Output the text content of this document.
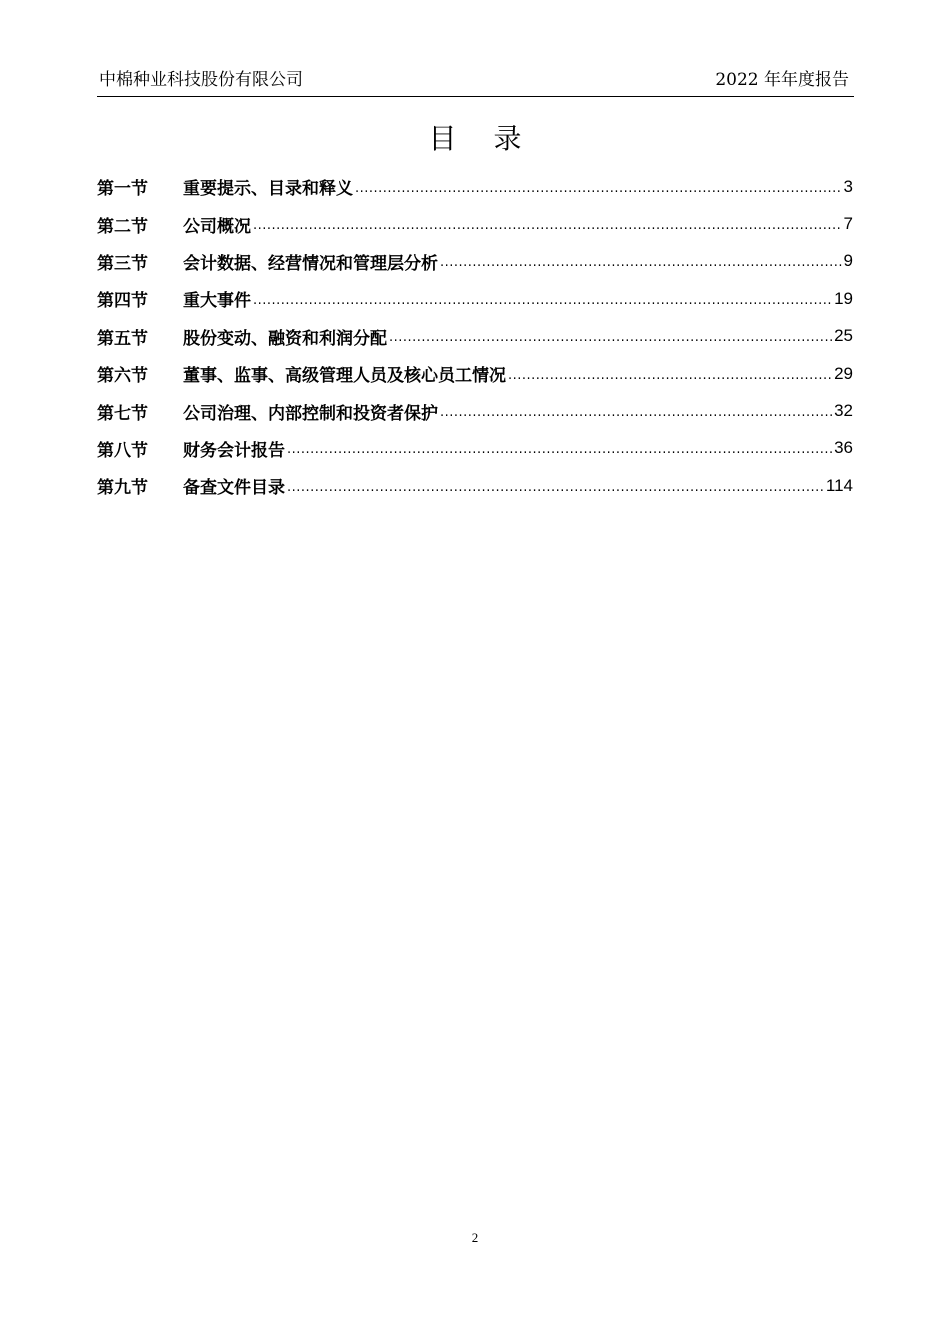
中棉种业科技股份有限公司	2022 年年度报告
目 录
第一节	重要提示、目录和释义 .....	3
第二节	公司概况 .....	7
第三节	会计数据、经营情况和管理层分析 .....	9
第四节	重大事件 .....	19
第五节	股份变动、融资和利润分配 .....	25
第六节	董事、监事、高级管理人员及核心员工情况 .....	29
第七节	公司治理、内部控制和投资者保护 .....	32
第八节	财务会计报告 .....	36
第九节	备查文件目录 .....	114
2
